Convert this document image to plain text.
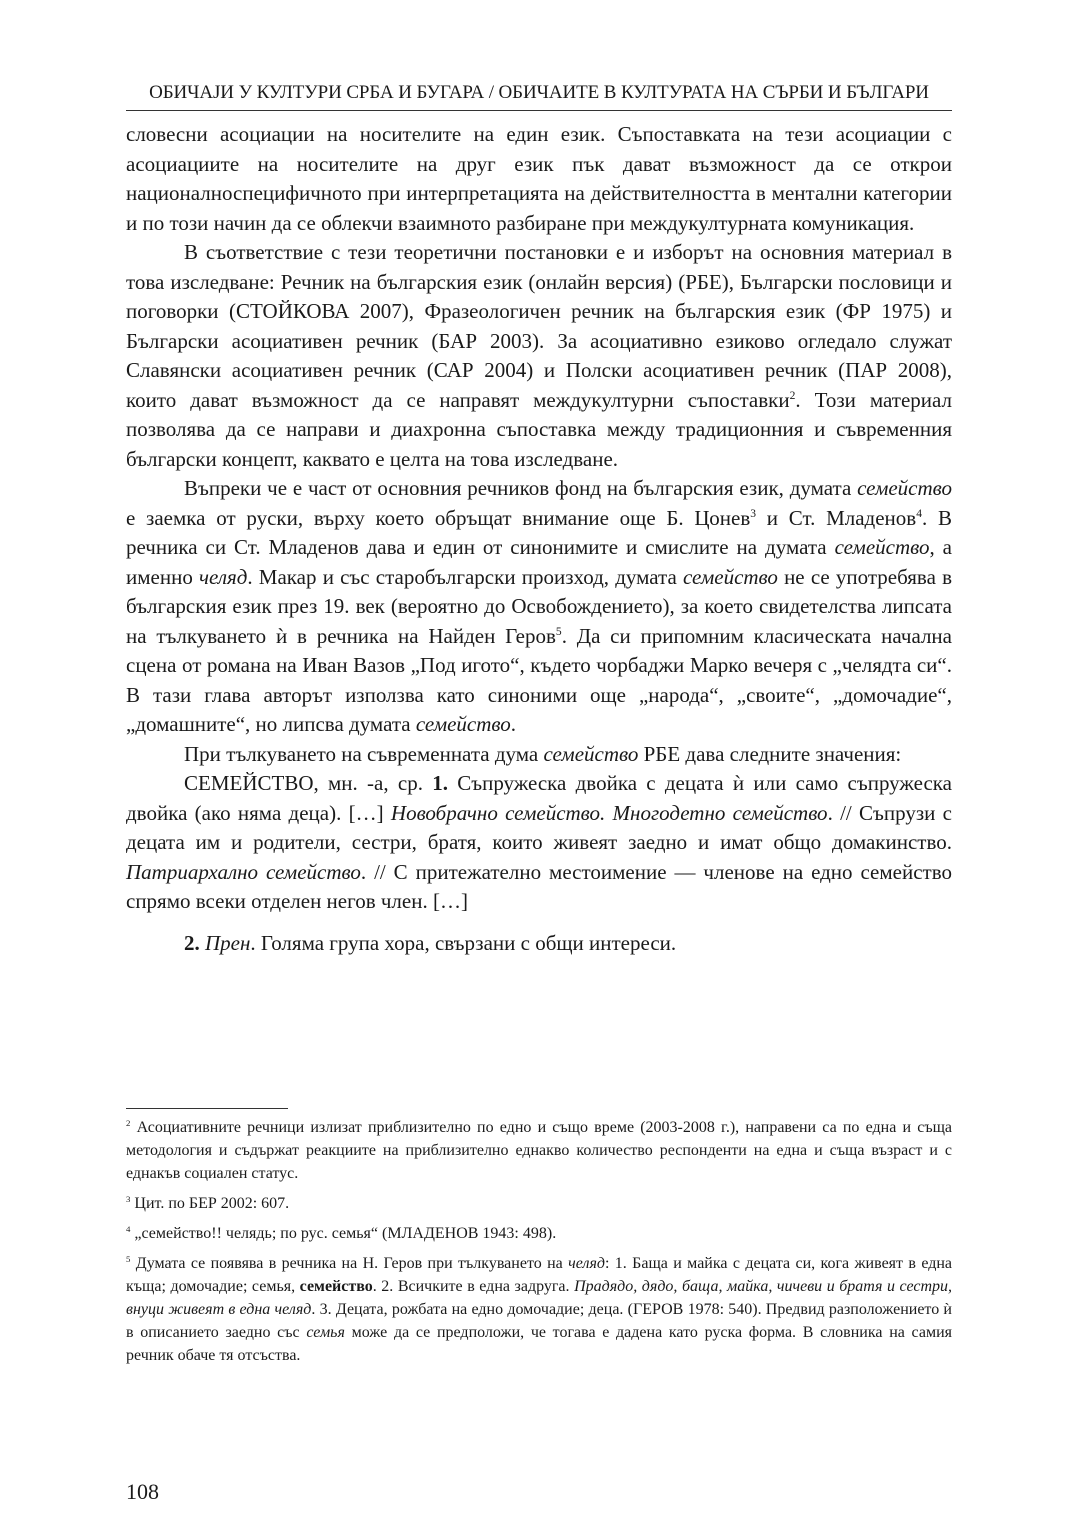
ОБИЧАЈИ У КУЛТУРИ СРБА И БУГАРА / ОБИЧАИТЕ В КУЛТУРАТА НА СЪРБИ И БЪЛГАРИ

словесни асоциации на носителите на един език. Съпоставката на тези асоциации с асоциациите на носителите на друг език пък дават възможност да се открои националноспецифичното при интерпретацията на действителността в ментални категории и по този начин да се облекчи взаимното разбиране при междукултурната комуникация.

В съответствие с тези теоретични постановки е и изборът на основния материал в това изследване: Речник на българския език (онлайн версия) (РБЕ), Български пословици и поговорки (СТОЙКОВА 2007), Фразеологичен речник на българския език (ФР 1975) и Български асоциативен речник (БАР 2003). За асоциативно езиково огледало служат Славянски асоциативен речник (САР 2004) и Полски асоциативен речник (ПАР 2008), които дават възможност да се направят междукултурни съпоставки$^2$. Този материал позволява да се направи и диахронна съпоставка между традиционния и съвременния български концепт, каквато е целта на това изследване.

Въпреки че е част от основния речников фонд на българския език, думата семейство е заемка от руски, върху което обръщат внимание още Б. Цонев$^3$ и Ст. Младенов$^4$. В речника си Ст. Младенов дава и един от синонимите и смислите на думата семейство, а именно челяд. Макар и със старобългарски произход, думата семейство не се употребява в българския език през 19. век (вероятно до Освобождението), за което свидетелства липсата на тълкуването ѝ в речника на Найден Геров$^5$. Да си припомним класическата начална сцена от романа на Иван Вазов „Под игото“, където чорбаджи Марко вечеря с „челядта си“. В тази глава авторът използва като синоними още „народа“, „своите“, „домочадие“, „домашните“, но липсва думата семейство.

При тълкуването на съвременната дума семейство РБЕ дава следните значения:

СЕМЕЙСТВО, мн. -а, ср. 1. Съпружеска двойка с децата ѝ или само съпружеска двойка (ако няма деца). […] Новобрачно семейство. Многодетно семейство. // Съпрузи с децата им и родители, сестри, братя, които живеят заедно и имат общо домакинство. Патриархално семейство. // С притежателно местоимение — членове на едно семейство спрямо всеки отделен негов член. […]

2. Прен. Голяма група хора, свързани с общи интереси.

$^2$ Асоциативните речници излизат приблизително по едно и също време (2003-2008 г.), направени са по една и съща методология и съдържат реакциите на приблизително еднакво количество респонденти на една и съща възраст и с еднакъв социален статус.

$^3$ Цит. по БЕР 2002: 607.

$^4$ „семейство!! челядь; по рус. семья“ (МЛАДЕНОВ 1943: 498).

$^5$ Думата се появява в речника на Н. Геров при тълкуването на челяд: 1. Баща и майка с децата си, кога живеят в една къща; домочадие; семья, семейство. 2. Всичките в една задруга. Прадядо, дядо, баща, майка, чичеви и братя и сестри, внуци живеят в една челяд. 3. Децата, рожбата на едно домочадие; деца. (ГЕРОВ 1978: 540). Предвид разположението ѝ в описанието заедно със семья може да се предположи, че тогава е дадена като руска форма. В словника на самия речник обаче тя отсъства.

108
